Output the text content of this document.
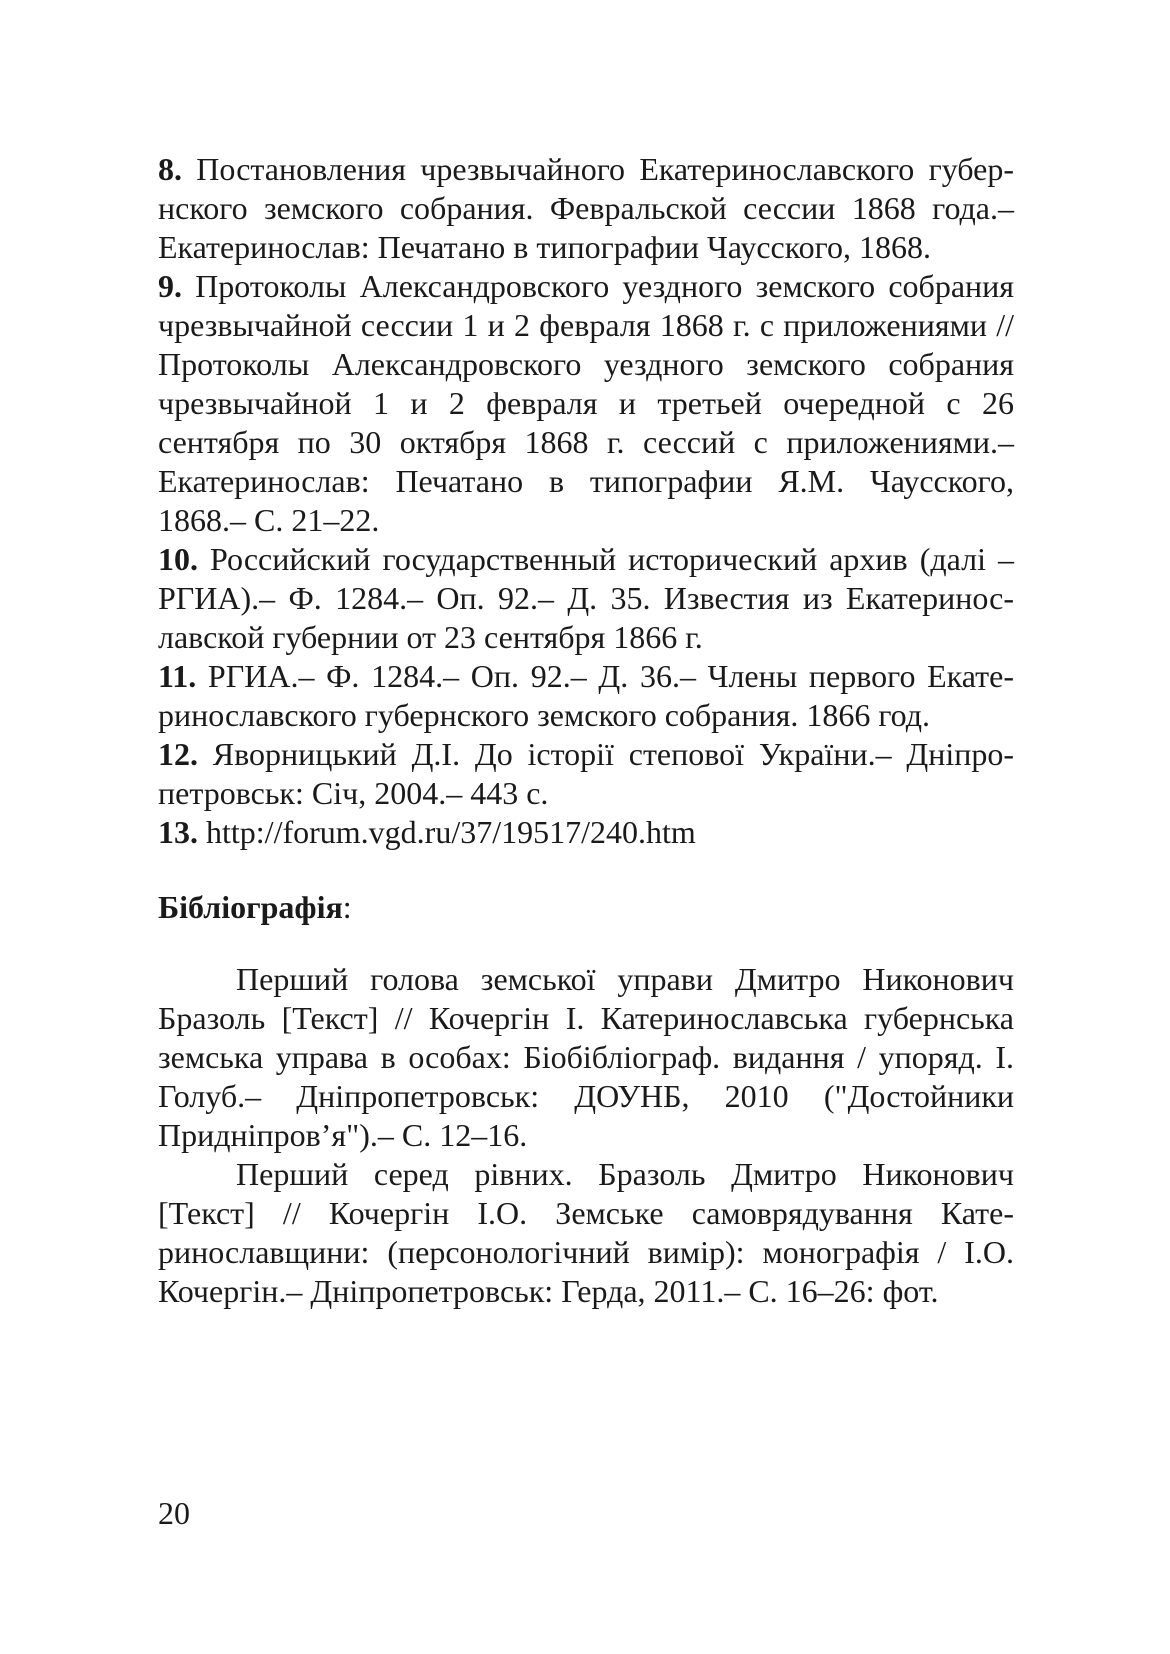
8. Постановления чрезвычайного Екатеринославского губернского земского собрания. Февральской сессии 1868 года.– Екатеринослав: Печатано в типографии Чаусского, 1868.

9. Протоколы Александровского уездного земского собрания чрезвычайной сессии 1 и 2 февраля 1868 г. с приложениями // Протоколы Александровского уездного земского собрания чрезвычайной 1 и 2 февраля и третьей очередной с 26 сентября по 30 октября 1868 г. сессий с приложениями.– Екатеринослав: Печатано в типографии Я.М. Чаусского, 1868.– С. 21–22.

10. Российский государственный исторический архив (далі – РГИА).– Ф. 1284.– Оп. 92.– Д. 35. Известия из Екатеринославской губернии от 23 сентября 1866 г.

11. РГИА.– Ф. 1284.– Оп. 92.– Д. 36.– Члены первого Екатеринославского губернского земского собрания. 1866 год.

12. Яворницький Д.І. До історії степової України.– Дніпропетровськ: Січ, 2004.– 443 с.

13. http://forum.vgd.ru/37/19517/240.htm

Бібліографія:

Перший голова земської управи Дмитро Никонович Бразоль [Текст] // Кочергін І. Катеринославська губернська земська управа в особах: Біобібліограф. видання / упоряд. І. Голуб.– Дніпропетровськ: ДОУНБ, 2010 ("Достойники Придніпров’я").– С. 12–16.

Перший серед рівних. Бразоль Дмитро Никонович [Текст] // Кочергін І.О. Земське самоврядування Катеринославщини: (персонологічний вимір): монографія / І.О. Кочергін.– Дніпропетровськ: Герда, 2011.– С. 16–26: фот.

20
